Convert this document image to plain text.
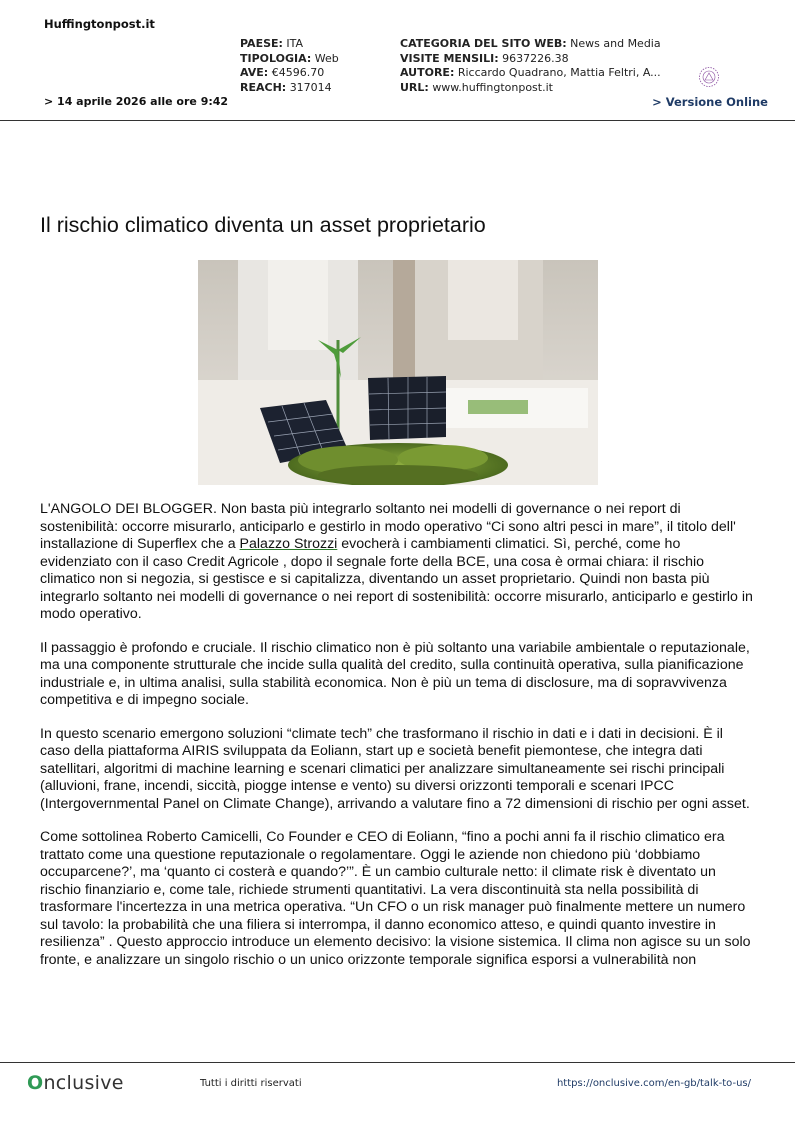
Huffingtonpost.it
PAESE: ITA
TIPOLOGIA: Web
AVE: €4596.70
REACH: 317014
CATEGORIA DEL SITO WEB: News and Media
VISITE MENSILI: 9637226.38
AUTORE: Riccardo Quadrano, Mattia Feltri, A...
URL: www.huffingtonpost.it
> 14 aprile 2026 alle ore 9:42	> Versione Online
Il rischio climatico diventa un asset proprietario

L'ANGOLO DEI BLOGGER. Non basta più integrarlo soltanto nei modelli di governance o nei report di sostenibilità: occorre misurarlo, anticiparlo e gestirlo in modo operativo “Ci sono altri pesci in mare”, il titolo dell' installazione di Superflex che a Palazzo Strozzi evocherà i cambiamenti climatici. Sì, perché, come ho evidenziato con il caso Credit Agricole , dopo il segnale forte della BCE, una cosa è ormai chiara: il rischio climatico non si negozia, si gestisce e si capitalizza, diventando un asset proprietario. Quindi non basta più integrarlo soltanto nei modelli di governance o nei report di sostenibilità: occorre misurarlo, anticiparlo e gestirlo in modo operativo.

Il passaggio è profondo e cruciale. Il rischio climatico non è più soltanto una variabile ambientale o reputazionale, ma una componente strutturale che incide sulla qualità del credito, sulla continuità operativa, sulla pianificazione industriale e, in ultima analisi, sulla stabilità economica. Non è più un tema di disclosure, ma di sopravvivenza competitiva e di impegno sociale.

In questo scenario emergono soluzioni “climate tech” che trasformano il rischio in dati e i dati in decisioni. È il caso della piattaforma AIRIS sviluppata da Eoliann, start up e società benefit piemontese, che integra dati satellitari, algoritmi di machine learning e scenari climatici per analizzare simultaneamente sei rischi principali (alluvioni, frane, incendi, siccità, piogge intense e vento) su diversi orizzonti temporali e scenari IPCC (Intergovernmental Panel on Climate Change), arrivando a valutare fino a 72 dimensioni di rischio per ogni asset.

Come sottolinea Roberto Camicelli, Co Founder e CEO di Eoliann, “fino a pochi anni fa il rischio climatico era trattato come una questione reputazionale o regolamentare. Oggi le aziende non chiedono più ‘dobbiamo occuparcene?’, ma ‘quanto ci costerà e quando?’”. È un cambio culturale netto: il climate risk è diventato un rischio finanziario e, come tale, richiede strumenti quantitativi. La vera discontinuità sta nella possibilità di trasformare l'incertezza in una metrica operativa. “Un CFO o un risk manager può finalmente mettere un numero sul tavolo: la probabilità che una filiera si interrompa, il danno economico atteso, e quindi quanto investire in resilienza” . Questo approccio introduce un elemento decisivo: la visione sistemica. Il clima non agisce su un solo fronte, e analizzare un singolo rischio o un unico orizzonte temporale significa esporsi a vulnerabilità non

Onclusive	Tutti i diritti riservati	https://onclusive.com/en-gb/talk-to-us/
